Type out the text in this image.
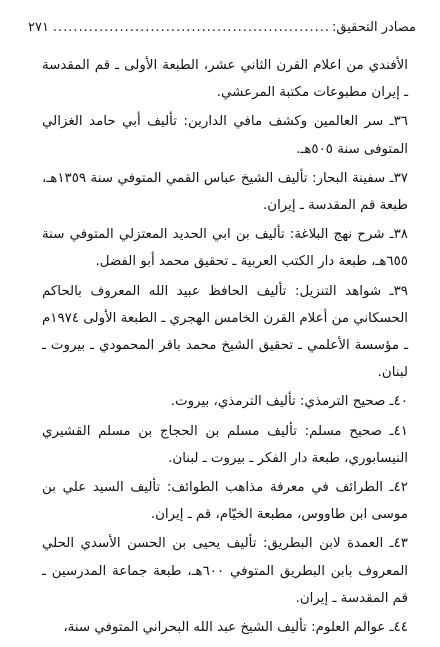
مصادر التحقيق:
.....
٢٧١

الأفندي من اعلام القرن الثاني عشر، الطبعة الأولى ـ قم المقدسة ـ إيران مطبوعات مكتبة المرعشي.

٣٦ـ سر العالمين وكشف مافي الدارين: تأليف أبي حامد الغزالي المتوفى سنة ٥٠٥هـ.

٣٧ـ سفينة البحار: تأليف الشيخ عباس القمي المتوفي سنة ١٣٥٩هـ، طبعة قم المقدسة ـ إيران.

٣٨ـ شرح نهج البلاغة: تأليف بن ابي الحديد المعتزلي المتوفي سنة ٦٥٥هـ، طبعة دار الكتب العربية ـ تحقيق محمد أبو الفضل.

٣٩ـ شواهد التنزيل: تأليف الحافظ عبيد الله المعروف بالحاكم الحسكاني من أعلام القرن الخامس الهجري ـ الطبعة الأولى ١٩٧٤م ـ مؤسسة الأعلمي ـ تحقيق الشيخ محمد باقر المحمودي ـ بيروت ـ لبنان.

٤٠ـ صحيح الترمذي: تأليف الترمذي، بيروت.

٤١ـ صحيح مسلم: تأليف مسلم بن الحجاج بن مسلم القشيري النيسابوري، طبعة دار الفكر ـ بيروت ـ لبنان.

٤٢ـ الطرائف في معرفة مذاهب الطوائف: تأليف السيد علي بن موسى ابن طاووس، مطبعة الخيّام، قم ـ إيران.

٤٣ـ العمدة لابن البطريق: تأليف يحيى بن الحسن الأسدي الحلي المعروف بابن البطريق المتوفي ٦٠٠هـ، طبعة جماعة المدرسين ـ قم المقدسة ـ إيران.

٤٤ـ عوالم العلوم: تأليف الشيخ عبد الله البحراني المتوفي سنة،
